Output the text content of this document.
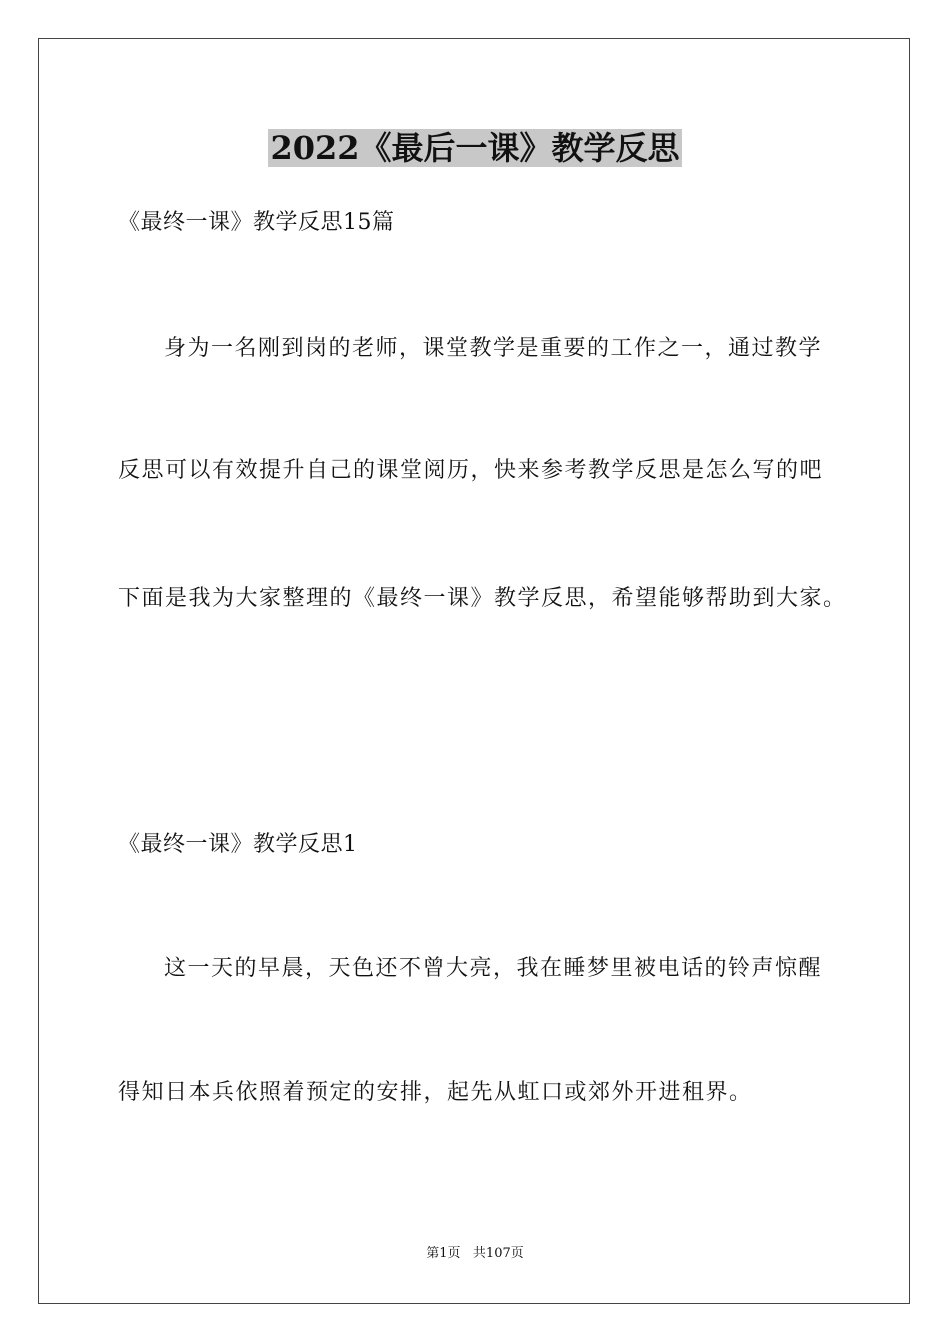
2022《最后一课》教学反思
《最终一课》教学反思15篇
身为一名刚到岗的老师，课堂教学是重要的工作之一，通过教学
反思可以有效提升自己的课堂阅历，快来参考教学反思是怎么写的吧
下面是我为大家整理的《最终一课》教学反思，希望能够帮助到大家。
《最终一课》教学反思1
这一天的早晨，天色还不曾大亮，我在睡梦里被电话的铃声惊醒
得知日本兵依照着预定的安排，起先从虹口或郊外开进租界。
第1页   共107页
